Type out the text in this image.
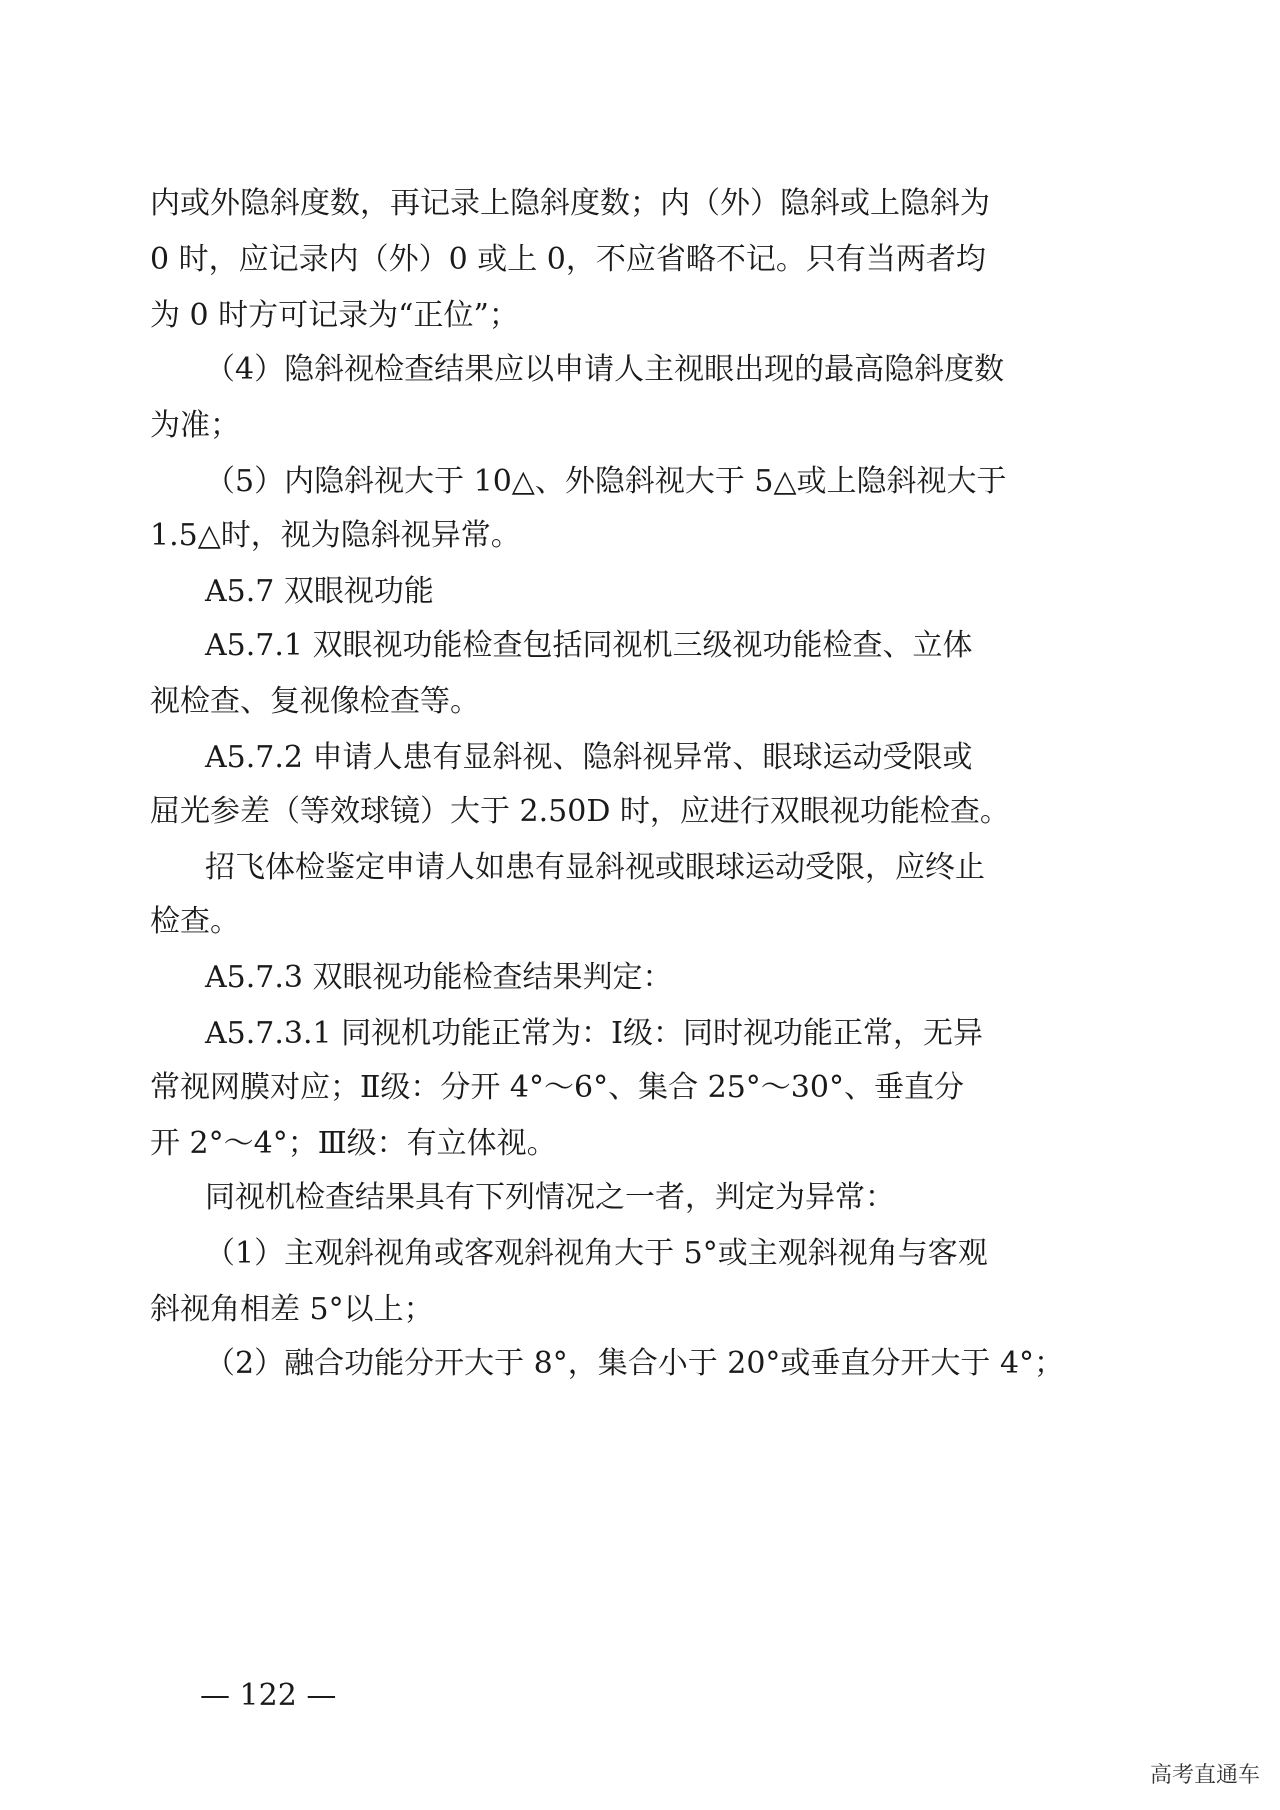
内或外隐斜度数，再记录上隐斜度数；内（外）隐斜或上隐斜为
0 时，应记录内（外）0 或上 0，不应省略不记。只有当两者均
为 0 时方可记录为“正位”；
（4）隐斜视检查结果应以申请人主视眼出现的最高隐斜度数
为准；
（5）内隐斜视大于 10△、外隐斜视大于 5△或上隐斜视大于
1.5△时，视为隐斜视异常。
A5.7 双眼视功能
A5.7.1 双眼视功能检查包括同视机三级视功能检查、立体
视检查、复视像检查等。
A5.7.2 申请人患有显斜视、隐斜视异常、眼球运动受限或
屈光参差（等效球镜）大于 2.50D 时，应进行双眼视功能检查。
招飞体检鉴定申请人如患有显斜视或眼球运动受限，应终止
检查。
A5.7.3 双眼视功能检查结果判定：
A5.7.3.1 同视机功能正常为：Ⅰ级：同时视功能正常，无异
常视网膜对应；Ⅱ级：分开 4°～6°、集合 25°～30°、垂直分
开 2°～4°；Ⅲ级：有立体视。
同视机检查结果具有下列情况之一者，判定为异常：
（1）主观斜视角或客观斜视角大于 5°或主观斜视角与客观
斜视角相差 5°以上；
（2）融合功能分开大于 8°，集合小于 20°或垂直分开大于 4°；
— 122 —
高考直通车
